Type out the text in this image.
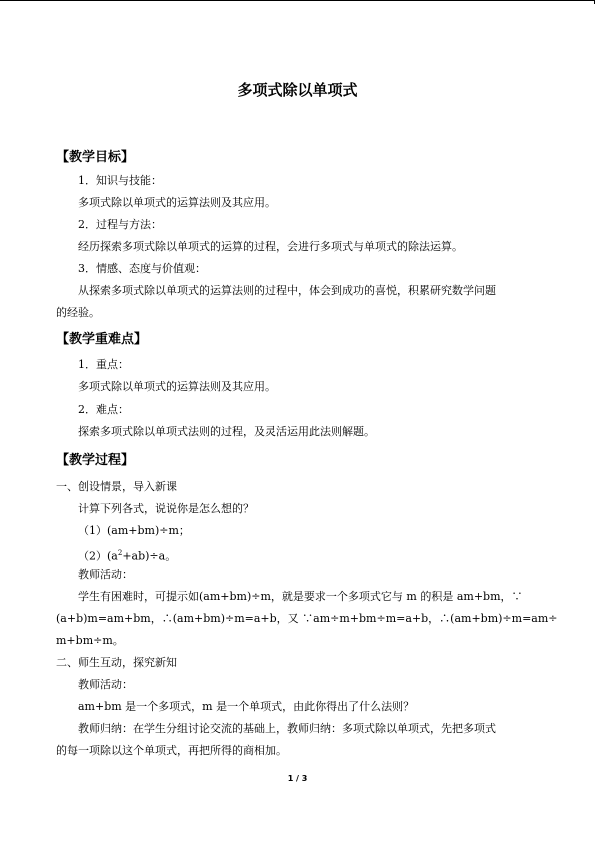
多项式除以单项式
【教学目标】
1．知识与技能：
多项式除以单项式的运算法则及其应用。
2．过程与方法：
经历探索多项式除以单项式的运算的过程，会进行多项式与单项式的除法运算。
3．情感、态度与价值观：
从探索多项式除以单项式的运算法则的过程中，体会到成功的喜悦，积累研究数学问题
的经验。
【教学重难点】
1．重点：
多项式除以单项式的运算法则及其应用。
2．难点：
探索多项式除以单项式法则的过程，及灵活运用此法则解题。
【教学过程】
一、创设情景，导入新课
计算下列各式，说说你是怎么想的？
（1）(am+bm)÷m；
$(2)(a^2+ab)\div a$。
教师活动：
学生有困难时，可提示如(am+bm)÷m，就是要求一个多项式它与 m 的积是 am+bm，∵
(a+b)m=am+bm，∴(am+bm)÷m=a+b，又 ∵am÷m+bm÷m=a+b，∴(am+bm)÷m=am÷
m+bm÷m。
二、师生互动，探究新知
教师活动：
am+bm 是一个多项式，m 是一个单项式，由此你得出了什么法则？
教师归纳：在学生分组讨论交流的基础上，教师归纳：多项式除以单项式，先把多项式
的每一项除以这个单项式，再把所得的商相加。
1 / 3
